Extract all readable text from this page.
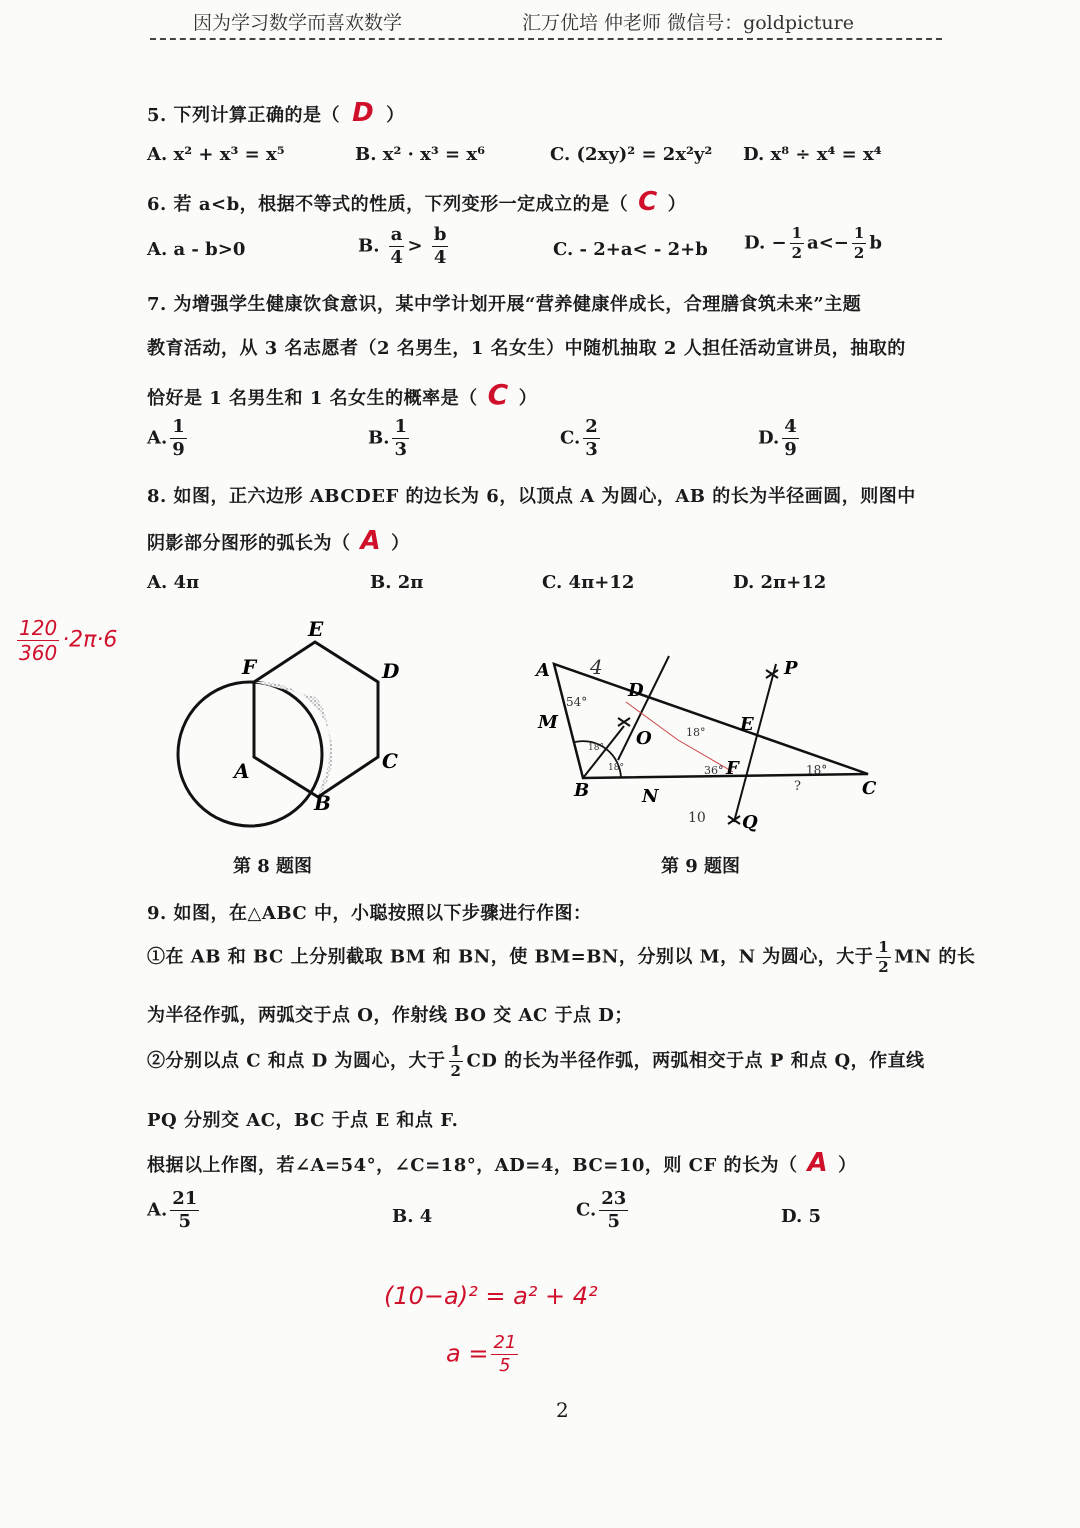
因为学习数学而喜欢数学	汇万优培 仲老师 微信号：goldpicture
5. 下列计算正确的是（ D ）
A. x² + x³ = x⁵	B. x² · x³ = x⁶	C. (2xy)² = 2x²y² D. x⁸ ÷ x⁴ = x⁴
6. 若 a<b，根据不等式的性质，下列变形一定成立的是（ C ）
A. a - b>0	B. $\frac{a}{4} > \frac{b}{4}$	C. - 2+a< - 2+b D. − $\frac{1}{2} a<- \frac{1}{2}$ b
7. 为增强学生健康饮食意识，某中学计划开展“营养健康伴成长，合理膳食筑未来”主题
教育活动，从 3 名志愿者（2 名男生，1 名女生）中随机抽取 2 人担任活动宣讲员，抽取的
恰好是 1 名男生和 1 名女生的概率是（ C ）
A. $\frac{1}{9}$	B. $\frac{1}{3}$	C. $\frac{2}{3}$	D. $\frac{4}{9}$
8. 如图，正六边形 ABCDEF 的边长为 6，以顶点 A 为圆心，AB 的长为半径画圆，则图中
阴影部分图形的弧长为（ A ）
A. 4π	B. 2π	C. 4π+12	D. 2π+12
$\frac{120}{360} \cdot 2\pi\cdot 6$	E
F	D
C
A
B
第 8 题图
A
M
B	N
D
O
E
F
C
P
Q
4
54°
18°
36°	18°
?
10
18°
18°
第 9 题图
9. 如图，在△ABC 中，小聪按照以下步骤进行作图：
①在 AB 和 BC 上分别截取 BM 和 BN，使 BM=BN，分别以 M，N 为圆心，大于 $\frac{1}{2}$ MN 的长
为半径作弧，两弧交于点 O，作射线 BO 交 AC 于点 D；
②分别以点 C 和点 D 为圆心，大于 $\frac{1}{2}$ CD 的长为半径作弧，两弧相交于点 P 和点 Q，作直线
PQ 分别交 AC，BC 于点 E 和点 F.
根据以上作图，若∠A=54°，∠C=18°，AD=4，BC=10，则 CF 的长为（ A ）
A. $\frac{21}{5}$	B. 4	C. $\frac{23}{5}$	D. 5
(10−a)² = a² + 4²
$a = \frac{21}{5}$
2
